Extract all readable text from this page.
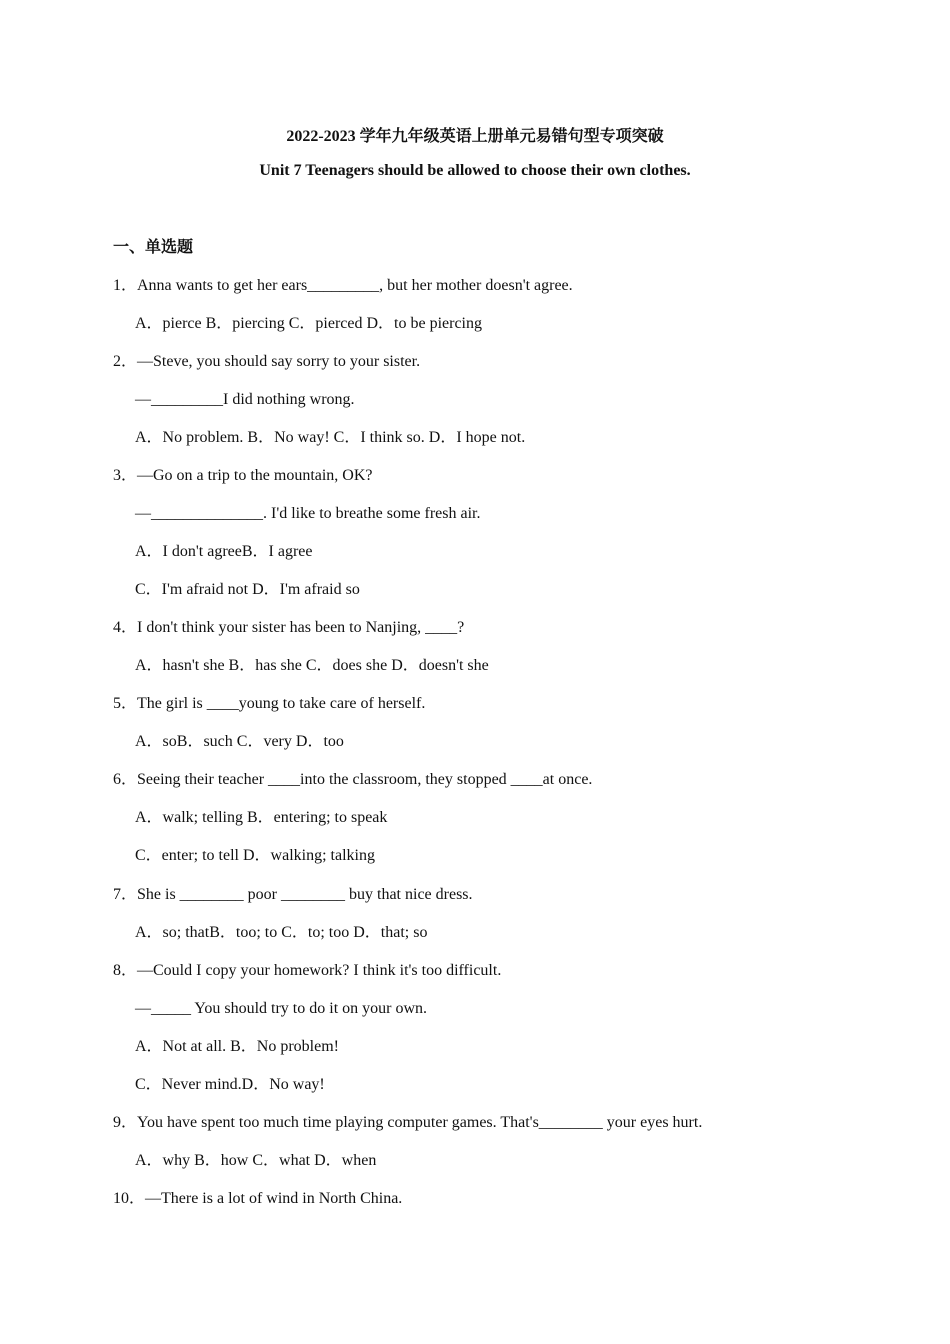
2022-2023 学年九年级英语上册单元易错句型专项突破
Unit 7 Teenagers should be allowed to choose their own clothes.
一、单选题
1．Anna wants to get her ears_________, but her mother doesn't agree.
A．pierce B．piercing C．pierced D．to be piercing
2．—Steve, you should say sorry to your sister.
—_________I did nothing wrong.
A．No problem. B．No way! C．I think so. D．I hope not.
3．—Go on a trip to the mountain, OK?
—______________. I'd like to breathe some fresh air.
A．I don't agreeB．I agree
C．I'm afraid not D．I'm afraid so
4．I don't think your sister has been to Nanjing, ____?
A．hasn't she B．has she C．does she D．doesn't she
5．The girl is ____young to take care of herself.
A．soB．such C．very D．too
6．Seeing their teacher ____into the classroom, they stopped ____at once.
A．walk; telling B．entering; to speak
C．enter; to tell D．walking; talking
7．She is ________ poor ________ buy that nice dress.
A．so; thatB．too; to C．to; too D．that; so
8．—Could I copy your homework? I think it's too difficult.
—_____ You should try to do it on your own.
A．Not at all. B．No problem!
C．Never mind.D．No way!
9．You have spent too much time playing computer games. That's________ your eyes hurt.
A．why B．how C．what D．when
10．—There is a lot of wind in North China.
